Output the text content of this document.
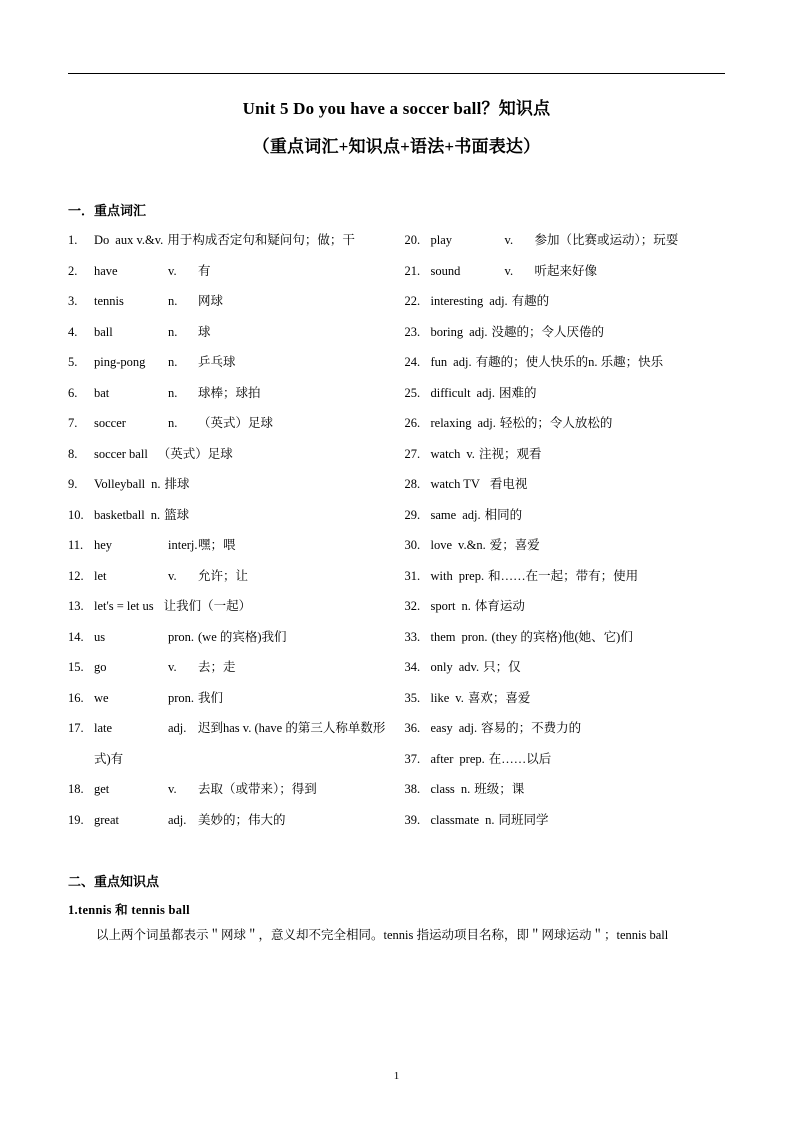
Unit 5 Do you have a soccer ball？知识点
（重点词汇+知识点+语法+书面表达）
一．重点词汇
1.	Do aux v.&v. 用于构成否定句和疑问句；做；干
2.	have	v. 有
3.	tennis	n. 网球
4.	ball	n. 球
5.	ping-pong n. 乒乓球
6.	bat	n. 球棒；球拍
7.	soccer	n. （英式）足球
8.	soccer ball （英式）足球
9.	Volleyball n. 排球
10. basketball n. 篮球
11. hey	interj.嘿；喂
12. let	v. 允许；让
13. let's = let us 让我们（一起）
14. us	pron. (we 的宾格)我们
15. go	v. 去；走
16. we	pron. 我们
17. late	adj. 迟到has v. (have 的第三人称单数形式)有
18. get	v. 去取（或带来）；得到
19. great	adj. 美妙的；伟大的
20. play	v. 参加（比赛或运动）；玩耍
21. sound	v. 听起来好像
22. interesting adj. 有趣的
23. boring adj. 没趣的；令人厌倦的
24. fun adj. 有趣的；使人快乐的n. 乐趣；快乐
25. difficult adj. 困难的
26. relaxing adj. 轻松的；令人放松的
27. watch v. 注视；观看
28. watch TV 看电视
29. same adj. 相同的
30. love v.&n. 爱；喜爱
31. with prep. 和……在一起；带有；使用
32. sport n. 体育运动
33. them pron. (they 的宾格)他(她、它)们
34. only adv. 只；仅
35. like v. 喜欢；喜爱
36. easy adj. 容易的；不费力的
37. after prep. 在……以后
38. class n. 班级；课
39. classmate n. 同班同学
二、重点知识点
1.tennis 和 tennis ball

以上两个词虽都表示＂网球＂，意义却不完全相同。tennis 指运动项目名称，即＂网球运动＂；tennis ball

1
